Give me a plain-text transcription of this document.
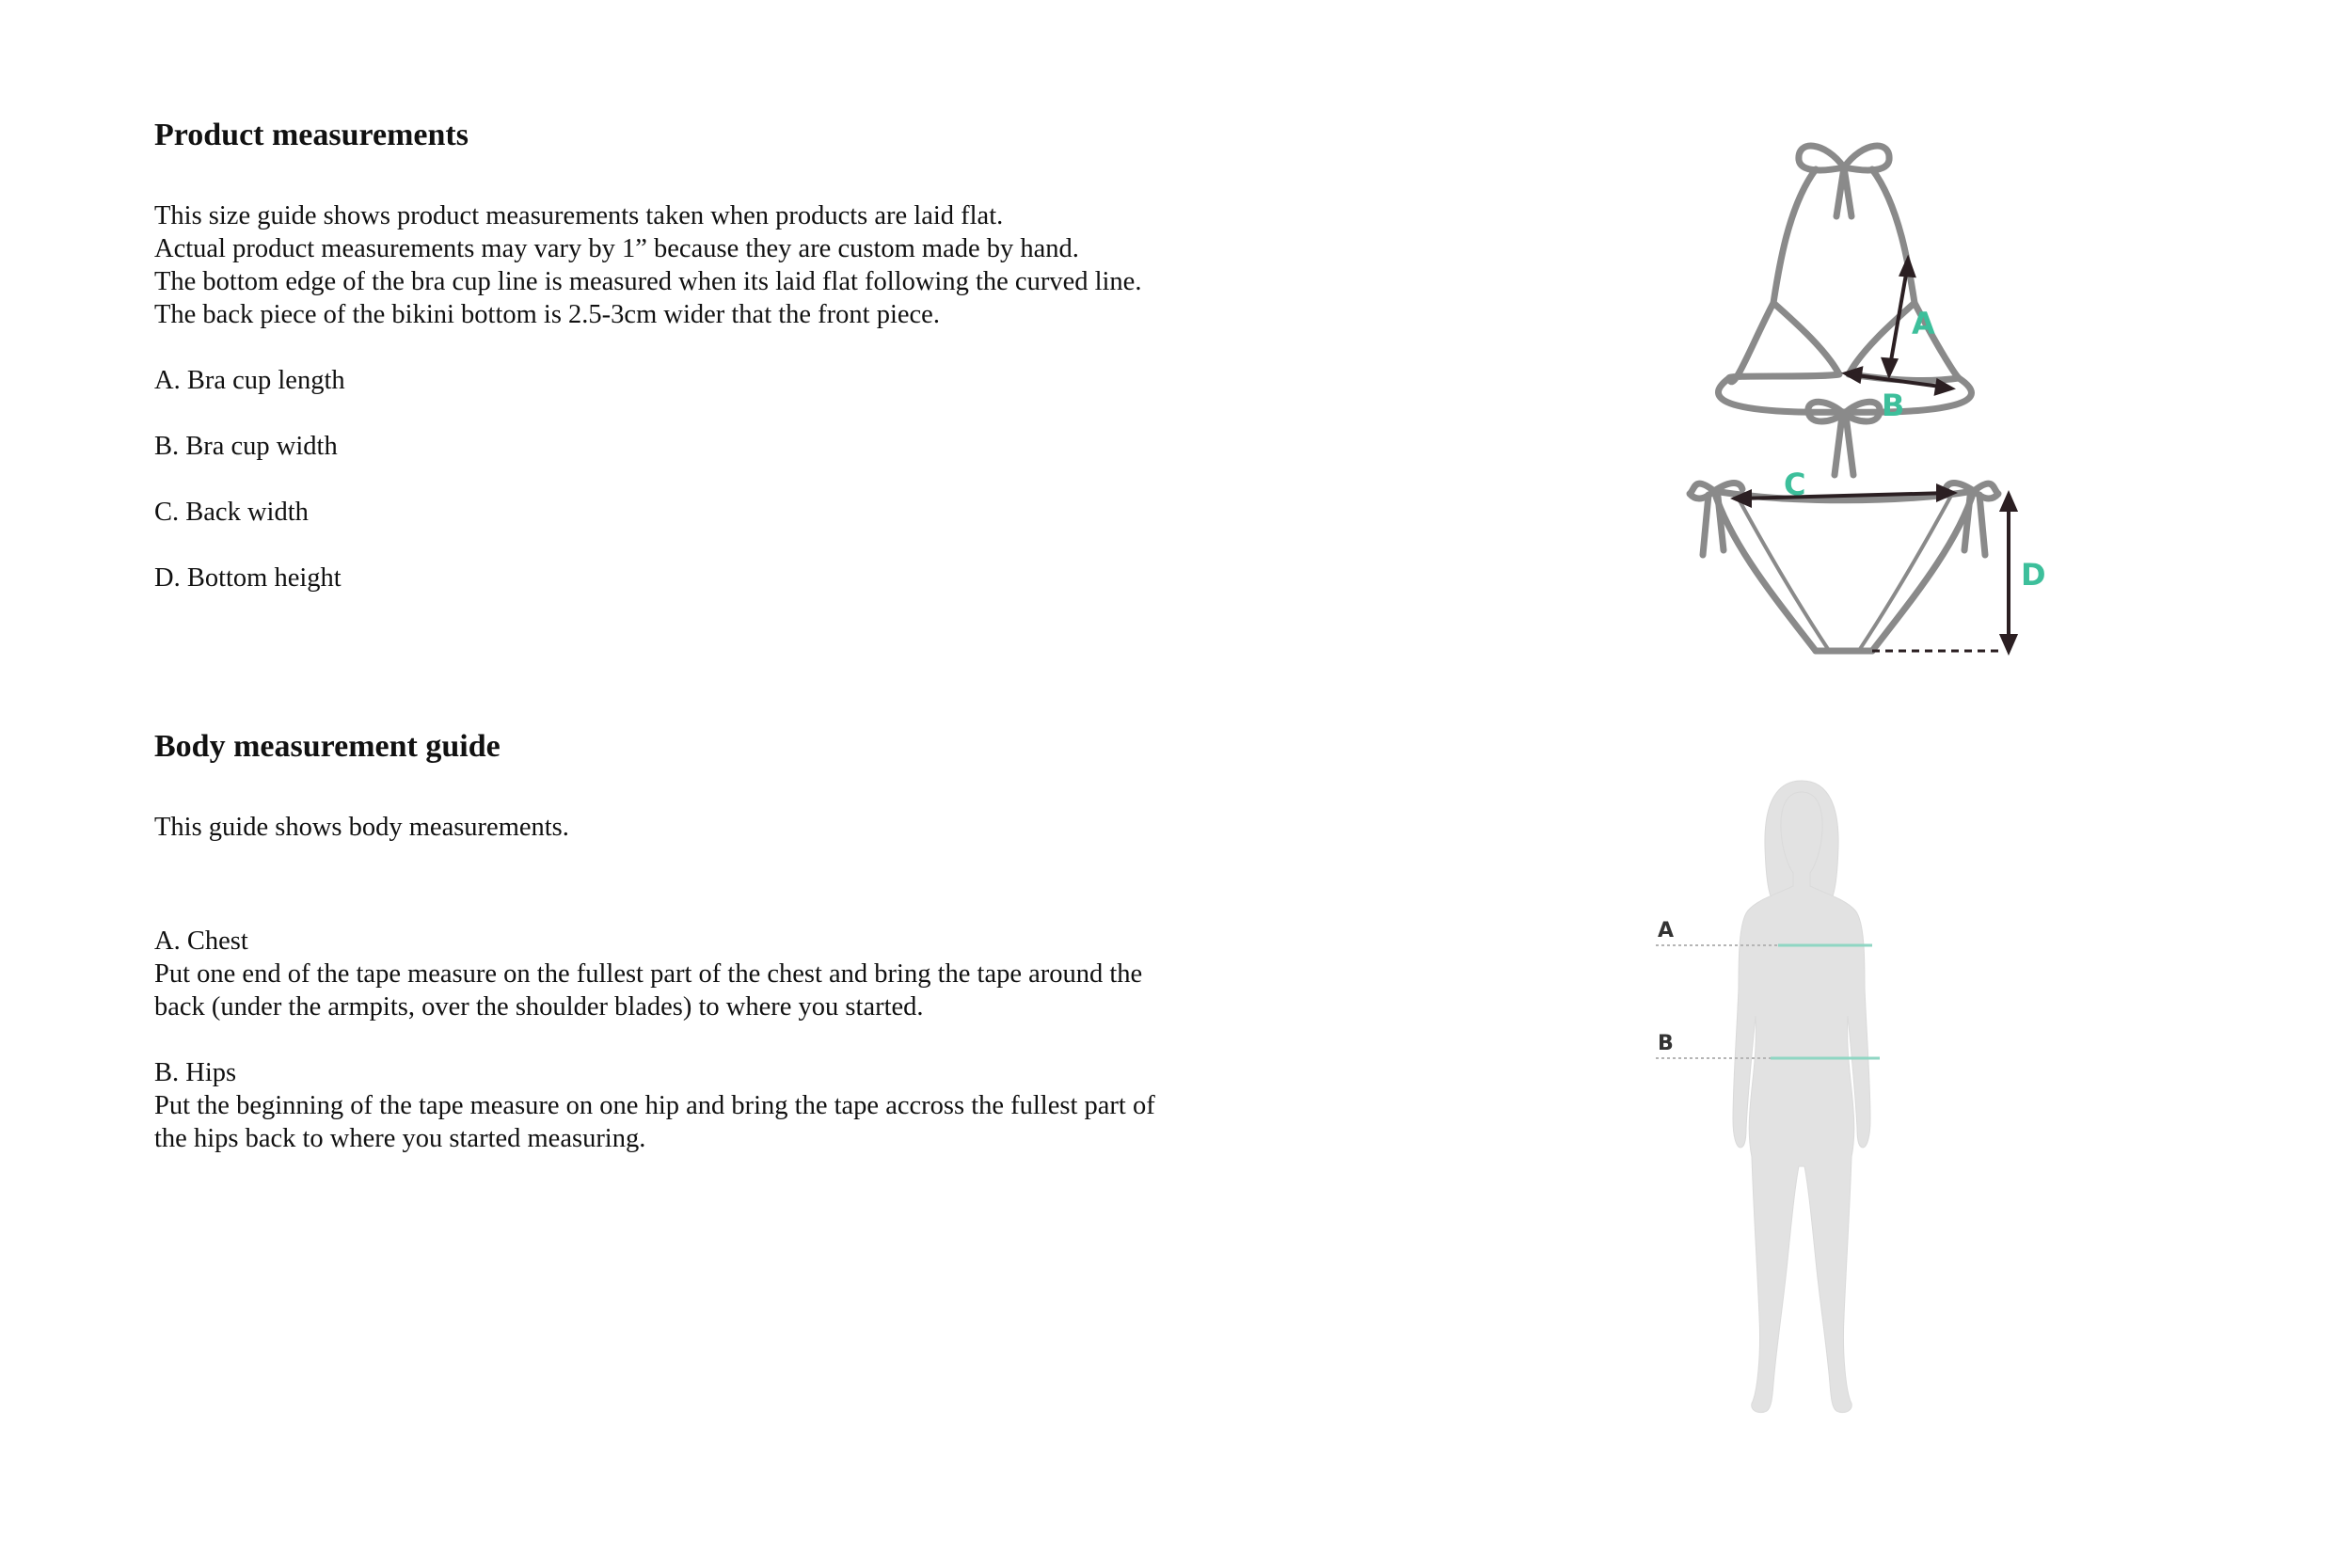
Product measurements

This size guide shows product measurements taken when products are laid flat.

Actual product measurements may vary by 1” because they are custom made by hand.

The bottom edge of the bra cup line is measured when its laid flat following the curved line.

The back piece of the bikini bottom is 2.5-3cm wider that the front piece.

A. Bra cup length

B. Bra cup width

C. Back width

D. Bottom height

Body measurement guide

This guide shows body measurements.

A. Chest

Put one end of the tape measure on the fullest part of the chest and bring the tape around the

back (under the armpits, over the shoulder blades) to where you started.

B. Hips

Put the beginning of the tape measure on one hip and bring the tape accross the fullest part of

the hips back to where you started measuring.

A
B
C
D
A
B
